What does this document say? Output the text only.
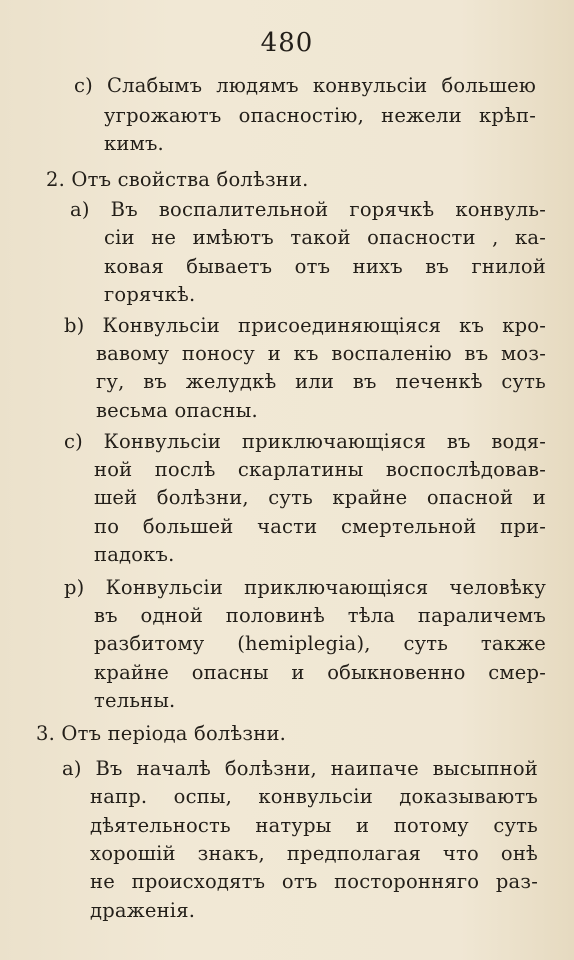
480
c) Слабымъ людямъ конвульсiи большею
угрожаютъ опасностiю, нежели крѣп-
кимъ.
2. Отъ свойства болѣзни.
a) Въ воспалительной горячкѣ конвуль-
сiи не имѣютъ такой опасности , ка-
ковая бываетъ отъ нихъ въ гнилой
горячкѣ.
b) Конвульсiи присоединяющiяся къ кро-
вавому поносу и къ воспаленiю въ моз-
гу, въ желудкѣ или въ печенкѣ суть
весьма опасны.
c) Конвульсiи приключающiяся въ водя-
ной послѣ скарлатины воспослѣдовав-
шей болѣзни, суть крайне опасной и
по большей части смертельной при-
падокъ.
p) Конвульсiи приключающiяся человѣку
въ одной половинѣ тѣла параличемъ
разбитому (hemiplegia), суть также
крайне опасны и обыкновенно смер-
тельны.
3. Отъ перiода болѣзни.
a) Въ началѣ болѣзни, наипаче высыпной
напр. оспы, конвульсiи доказываютъ
дѣятельность натуры и потому суть
хорошiй знакъ, предполагая что онѣ
не происходятъ отъ посторонняго раз-
драженiя.
